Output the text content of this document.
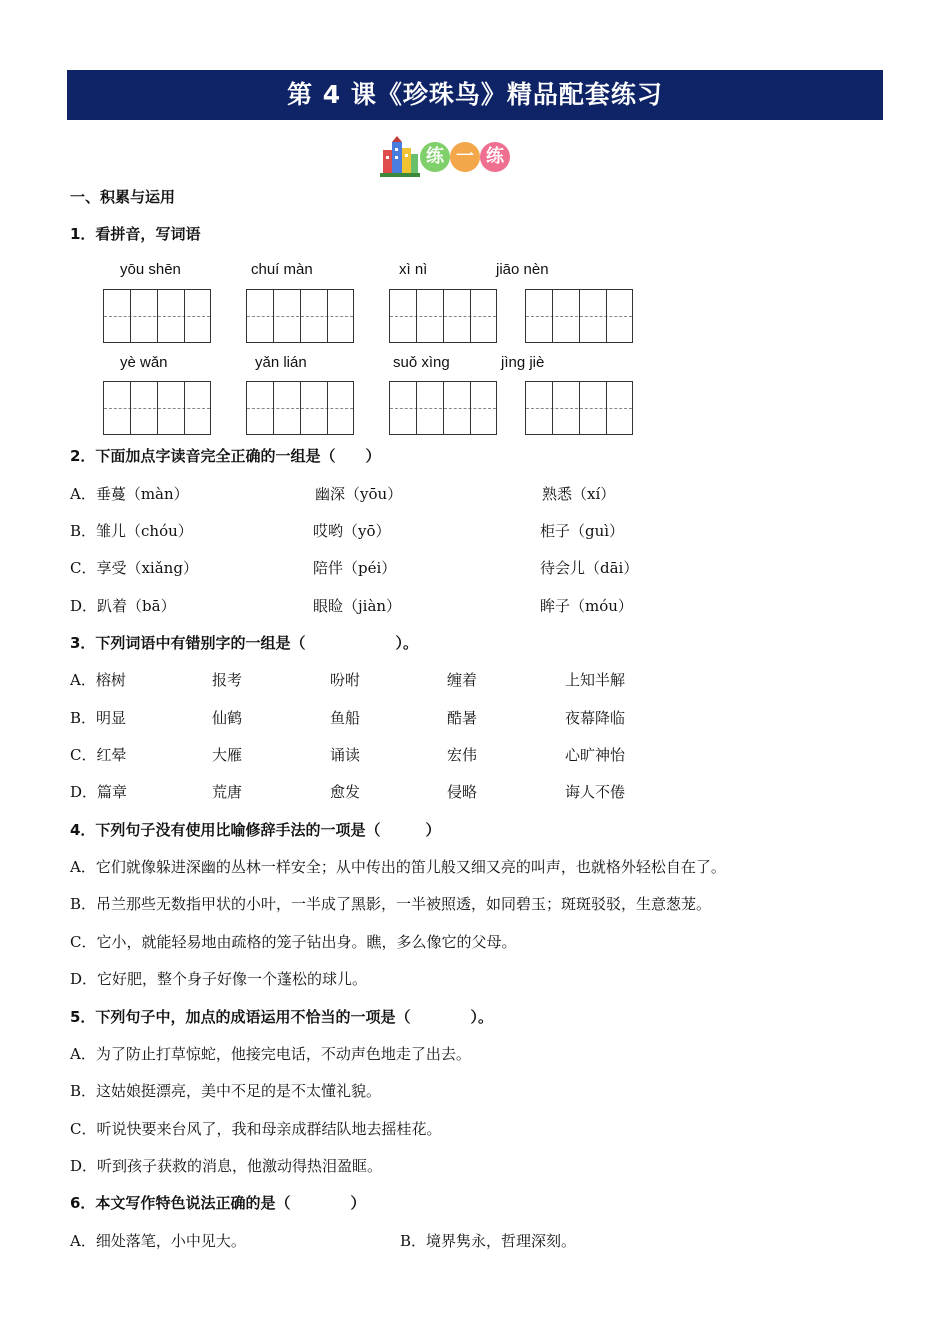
第 4 课《珍珠鸟》精品配套练习
练 一 练
一、积累与运用
1．看拼音，写词语
yōu shēn	chuí màn	xì nì	jiāo nèn
yè wǎn	yǎn lián	suǒ xìng	jìng jiè
2．下面加点字读音完全正确的一组是（　　）
A．垂蔓（màn）	幽深（yōu）	熟悉（xí）
B．雏儿（chóu）	哎哟（yō）	柜子（guì）
C．享受（xiǎng）	陪伴（péi）	待会儿（dāi）
D．趴着（bā）	眼睑（jiàn）	眸子（móu）
3．下列词语中有错别字的一组是（　　　　　　）。
A．榕树	报考	吩咐	缠着	上知半解
B．明显	仙鹤	鱼船	酷暑	夜幕降临
C．红晕	大雁	诵读	宏伟	心旷神怡
D．篇章	荒唐	愈发	侵略	诲人不倦
4．下列句子没有使用比喻修辞手法的一项是（　　　）
A．它们就像躲进深幽的丛林一样安全；从中传出的笛儿般又细又亮的叫声，也就格外轻松自在了。
B．吊兰那些无数指甲状的小叶，一半成了黑影，一半被照透，如同碧玉；斑斑驳驳，生意葱茏。
C．它小，就能轻易地由疏格的笼子钻出身。瞧，多么像它的父母。
D．它好肥，整个身子好像一个蓬松的球儿。
5．下列句子中，加点的成语运用不恰当的一项是（　　　　）。
A．为了防止打草惊蛇，他接完电话，不动声色地走了出去。
B．这姑娘挺漂亮，美中不足的是不太懂礼貌。
C．听说快要来台风了，我和母亲成群结队地去摇桂花。
D．听到孩子获救的消息，他激动得热泪盈眶。
6．本文写作特色说法正确的是（　　　　）
A．细处落笔，小中见大。	B．境界隽永，哲理深刻。
